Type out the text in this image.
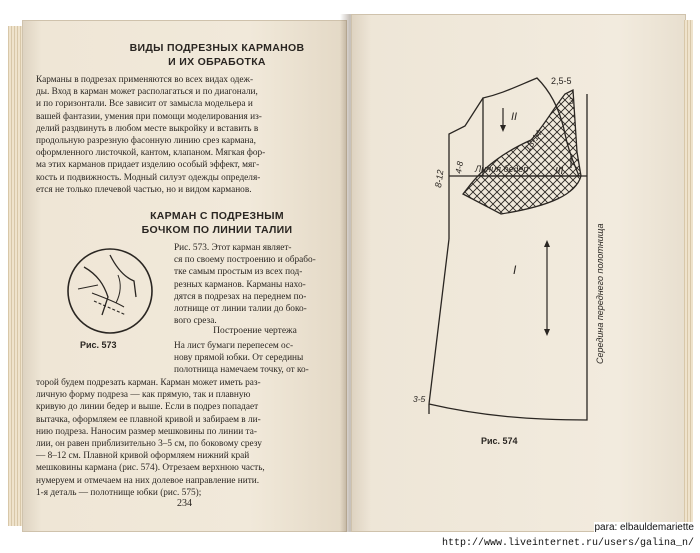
ВИДЫ ПОДРЕЗНЫХ КАРМАНОВ
И ИХ ОБРАБОТКА
Карманы в подрезах применяются во всех видах одеж-
ды. Вход в карман может располагаться и по диагонали,
и по горизонтали. Все зависит от замысла модельера и
вашей фантазии, умения при помощи моделирования из-
делий раздвинуть в любом месте выкройку и вставить в
продольную разрезную фасонную линию срез кармана,
оформленного листочкой, кантом, клапаном. Мягкая фор-
ма этих карманов придает изделию особый эффект, мяг-
кость и подвижность. Модный силуэт одежды определя-
ется не только плечевой частью, но и видом карманов.
КАРМАН С ПОДРЕЗНЫМ
БОЧКОМ ПО ЛИНИИ ТАЛИИ
Рис. 573
Рис. 573. Этот карман являет-
ся по своему построению и обрабо-
тке самым простым из всех под-
резных карманов. Карманы нахо-
дятся в подрезах на переднем по-
лотнище от линии талии до боко-
вого среза.
Построение чертежа
На лист бумаги перепесем ос-
нову прямой юбки. От середины
полотнища намечаем точку, от ко-
торой будем подрезать карман. Карман может иметь раз-
личную форму подреза — как прямую, так и плавную
кривую до линии бедер и выше. Если в подрез попадает
вытачка, оформляем ее плавной кривой и забираем в ли-
нию подреза. Наносим размер мешковины по линии та-
лии, он равен приблизительно 3–5 см, по боковому срезу
— 8–12 см. Плавной кривой оформляем нижний край
мешковины кармана (рис. 574). Отрезаем верхнюю часть,
нумеруем и отмечаем на них долевое направление нити.
1-я деталь — полотнище юбки (рис. 575);
234
2,5-5
II
III
I
13-14
8-12
4-8 Линия бедер
Середина переднего полотнища
3-5
3
Рис. 574
para: elbauldemariette
http://www.liveinternet.ru/users/galina_n/
